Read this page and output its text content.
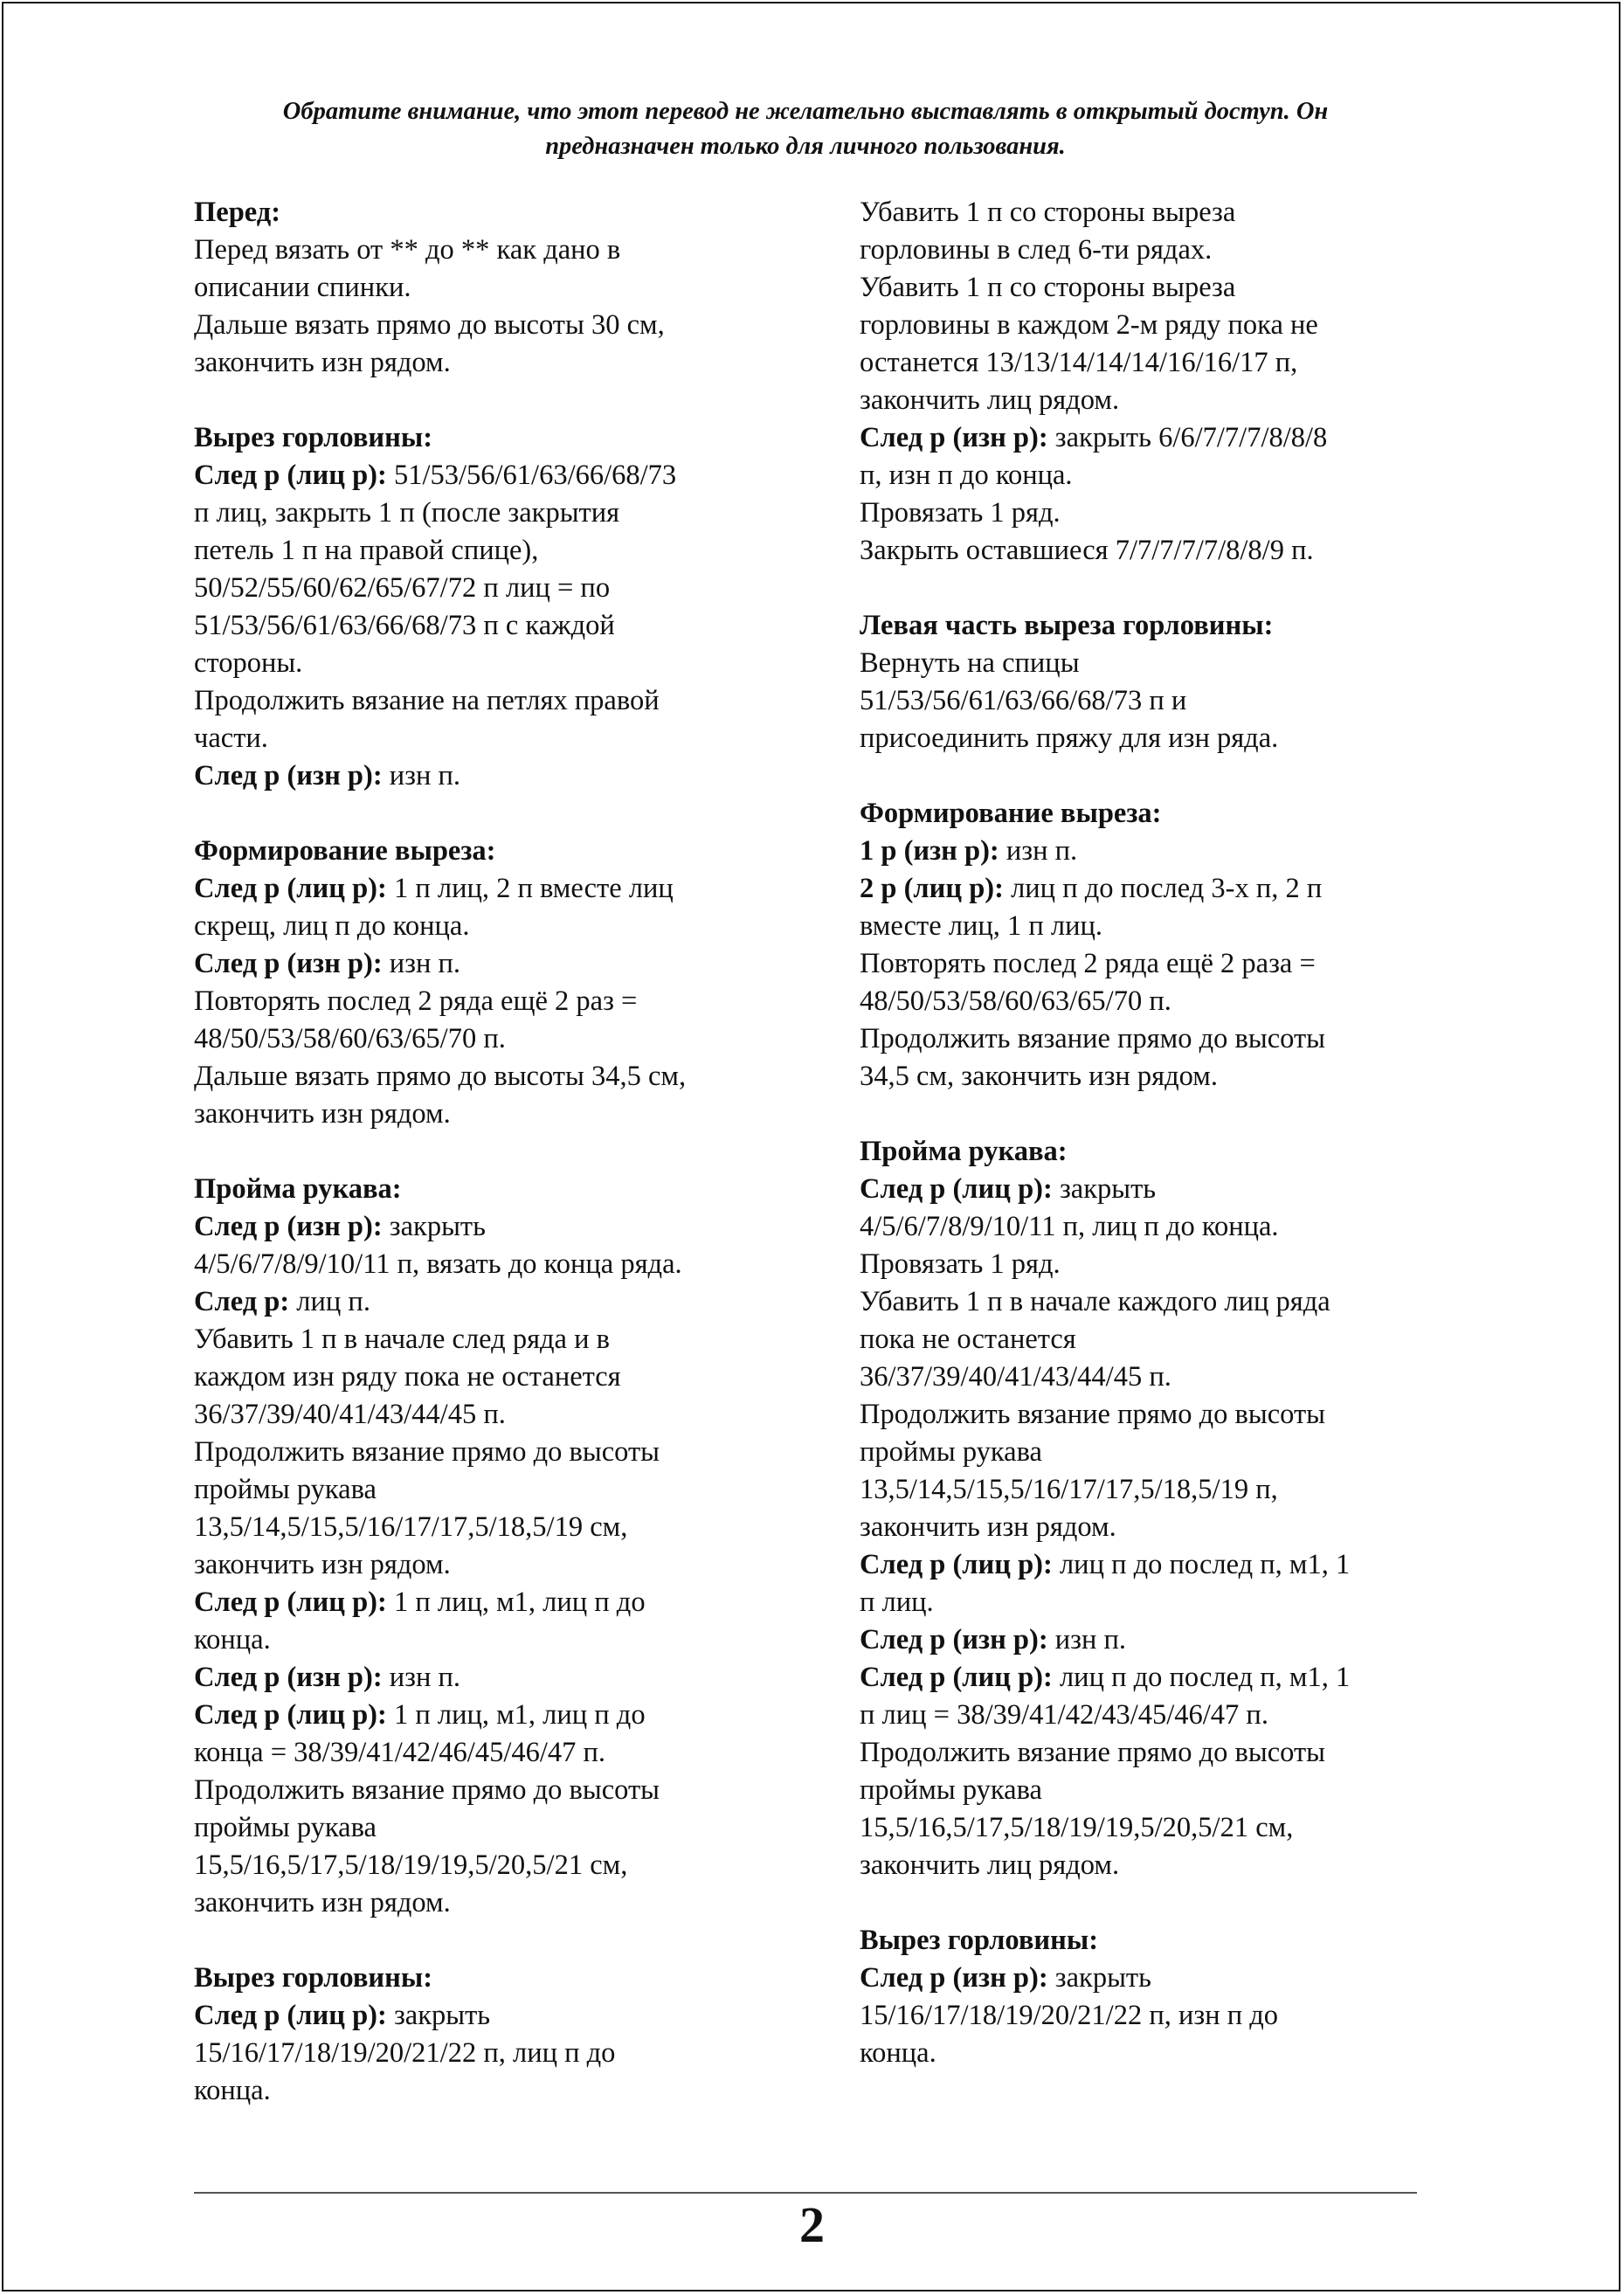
Обратите внимание, что этот перевод не желательно выставлять в открытый доступ. Он
предназначен только для личного пользования.
Перед:
Перед вязать от ** до ** как дано в
описании спинки.
Дальше вязать прямо до высоты 30 см,
закончить изн рядом.
Вырез горловины:
След р (лиц р): 51/53/56/61/63/66/68/73
п лиц, закрыть 1 п (после закрытия
петель 1 п на правой спице),
50/52/55/60/62/65/67/72 п лиц = по
51/53/56/61/63/66/68/73 п с каждой
стороны.
Продолжить вязание на петлях правой
части.
След р (изн р): изн п.
Формирование выреза:
След р (лиц р): 1 п лиц, 2 п вместе лиц
скрещ, лиц п до конца.
След р (изн р): изн п.
Повторять послед 2 ряда ещё 2 раз =
48/50/53/58/60/63/65/70 п.
Дальше вязать прямо до высоты 34,5 см,
закончить изн рядом.
Пройма рукава:
След р (изн р): закрыть
4/5/6/7/8/9/10/11 п, вязать до конца ряда.
След р: лиц п.
Убавить 1 п в начале след ряда и в
каждом изн ряду пока не останется
36/37/39/40/41/43/44/45 п.
Продолжить вязание прямо до высоты
проймы рукава
13,5/14,5/15,5/16/17/17,5/18,5/19 см,
закончить изн рядом.
След р (лиц р): 1 п лиц, м1, лиц п до
конца.
След р (изн р): изн п.
След р (лиц р): 1 п лиц, м1, лиц п до
конца = 38/39/41/42/46/45/46/47 п.
Продолжить вязание прямо до высоты
проймы рукава
15,5/16,5/17,5/18/19/19,5/20,5/21 см,
закончить изн рядом.
Вырез горловины:
След р (лиц р): закрыть
15/16/17/18/19/20/21/22 п, лиц п до
конца.
Убавить 1 п со стороны выреза
горловины в след 6-ти рядах.
Убавить 1 п со стороны выреза
горловины в каждом 2-м ряду пока не
останется 13/13/14/14/14/16/16/17 п,
закончить лиц рядом.
След р (изн р): закрыть 6/6/7/7/7/8/8/8
п, изн п до конца.
Провязать 1 ряд.
Закрыть оставшиеся 7/7/7/7/7/8/8/9 п.
Левая часть выреза горловины:
Вернуть на спицы
51/53/56/61/63/66/68/73 п и
присоединить пряжу для изн ряда.
Формирование выреза:
1 р (изн р): изн п.
2 р (лиц р): лиц п до послед 3-х п, 2 п
вместе лиц, 1 п лиц.
Повторять послед 2 ряда ещё 2 раза =
48/50/53/58/60/63/65/70 п.
Продолжить вязание прямо до высоты
34,5 см, закончить изн рядом.
Пройма рукава:
След р (лиц р): закрыть
4/5/6/7/8/9/10/11 п, лиц п до конца.
Провязать 1 ряд.
Убавить 1 п в начале каждого лиц ряда
пока не останется
36/37/39/40/41/43/44/45 п.
Продолжить вязание прямо до высоты
проймы рукава
13,5/14,5/15,5/16/17/17,5/18,5/19 п,
закончить изн рядом.
След р (лиц р): лиц п до послед п, м1, 1
п лиц.
След р (изн р): изн п.
След р (лиц р): лиц п до послед п, м1, 1
п лиц = 38/39/41/42/43/45/46/47 п.
Продолжить вязание прямо до высоты
проймы рукава
15,5/16,5/17,5/18/19/19,5/20,5/21 см,
закончить лиц рядом.
Вырез горловины:
След р (изн р): закрыть
15/16/17/18/19/20/21/22 п, изн п до
конца.
2
